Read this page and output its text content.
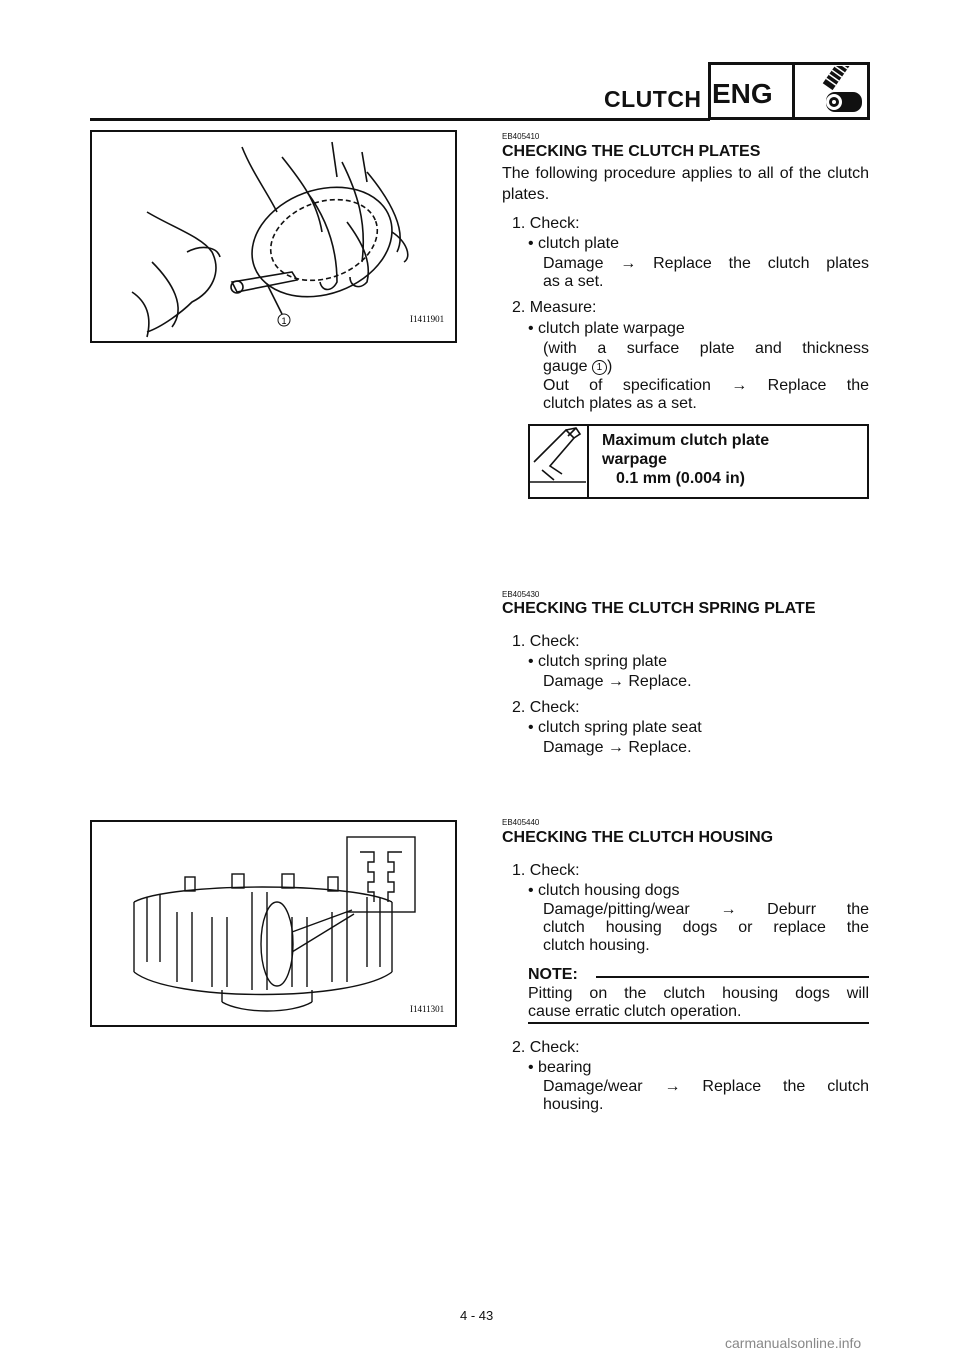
CLUTCH ENG
1	I1411901
I1411301
EB405410
CHECKING THE CLUTCH PLATES
The following procedure applies to all of the clutch plates.
1. Check:
• clutch plate
Damage → Replace the clutch plates
as a set.
2. Measure:
• clutch plate warpage
(with a surface plate and thickness
gauge 1 )
Out of specification → Replace the
clutch plates as a set.
Maximum clutch plate
warpage
0.1 mm (0.004 in)
EB405430
CHECKING THE CLUTCH SPRING PLATE
1. Check:
• clutch spring plate
Damage → Replace.
2. Check:
• clutch spring plate seat
Damage → Replace.
EB405440
CHECKING THE CLUTCH HOUSING
1. Check:
• clutch housing dogs
Damage/pitting/wear → Deburr the
clutch housing dogs or replace the
clutch housing.
NOTE:
Pitting on the clutch housing dogs will
cause erratic clutch operation.
2. Check:
• bearing
Damage/wear → Replace the clutch
housing.
4 - 43
carmanualsonline.info
